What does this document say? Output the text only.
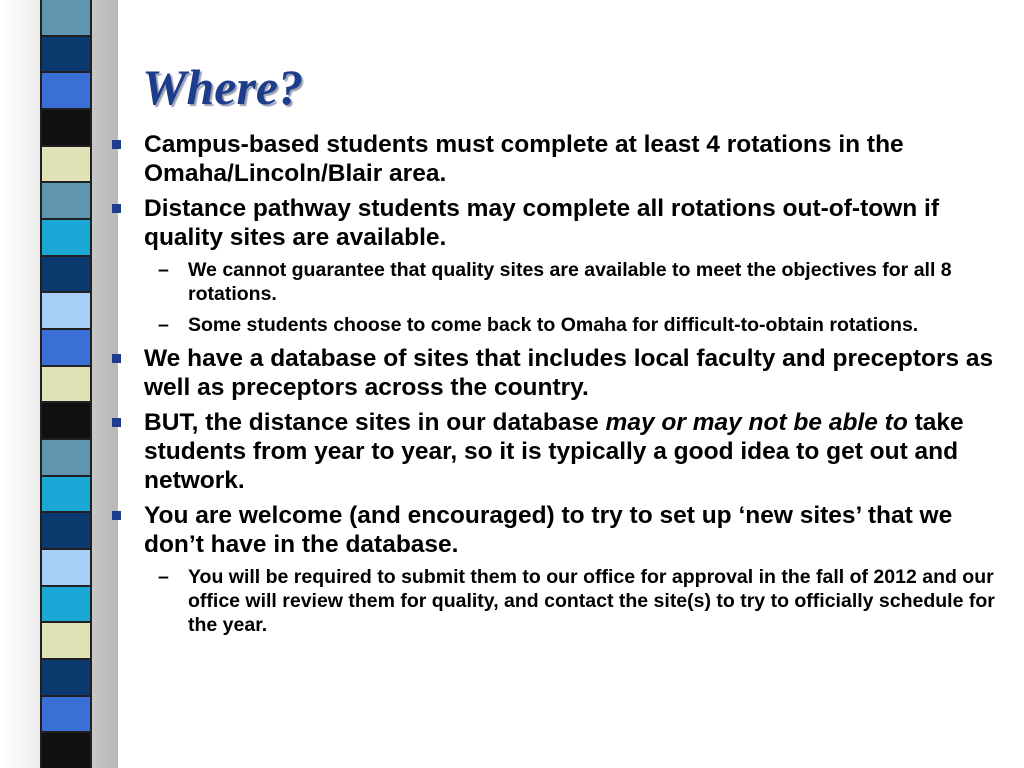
Where?
Campus-based students must complete at least 4 rotations in the Omaha/Lincoln/Blair area.
Distance pathway students may complete all rotations out-of-town if quality sites are available.
– We cannot guarantee that quality sites are available to meet the objectives for all 8 rotations.
– Some students choose to come back to Omaha for difficult-to-obtain rotations.
We have a database of sites that includes local faculty and preceptors as well as preceptors across the country.
BUT, the distance sites in our database may or may not be able to take students from year to year, so it is typically a good idea to get out and network.
You are welcome (and encouraged) to try to set up ‘new sites’ that we don’t have in the database.
– You will be required to submit them to our office for approval in the fall of 2012 and our office will review them for quality, and contact the site(s) to try to officially schedule for the year.
